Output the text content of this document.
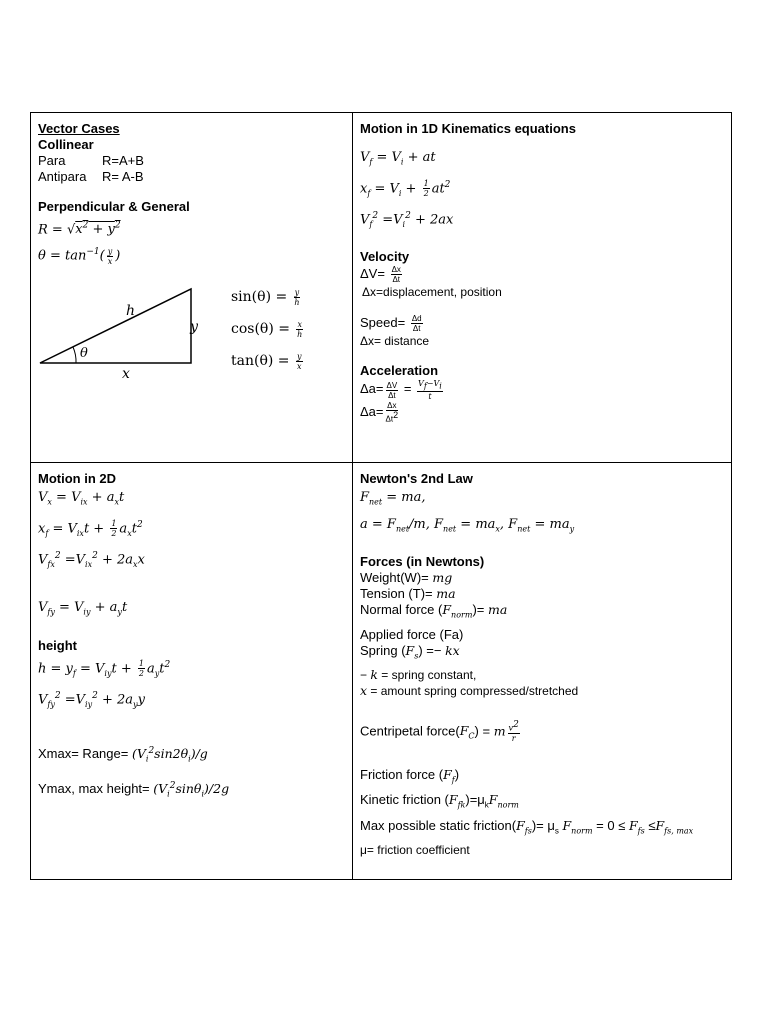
Vector Cases
Collinear
Para	R=A+B
Antipara R= A-B
Perpendicular & General
$R = √x^2 + y^2$
$\theta = \tan^{-1}( \frac{y}{x}$ )
h
y
x
θ
$\sin(\theta) = \frac{y}{h}$
$\cos(\theta) = \frac{x}{h}$
$\tan(\theta) = \frac{y}{x}$
Motion in 1D Kinematics equations
$V_f = V_i$ + at
$x_f = V_i + \frac{1}{2} at^2$
$V_f^2 =V_i^2 + 2ax$
Velocity
$\Delta V= \frac{\Delta x}{\Delta t}$
Δx=displacement, position
Speed= $\frac{\Delta d}{\Delta t}$
Δx= distance
Acceleration
$\Delta a= \frac{\Delta V}{\Delta t} = \frac{V_f-V_i}{t}$
$\Delta a= \frac{\Delta x}{\Delta t^2}$
Motion in 2D
$V_x = V_{ix} + a_xt$
$x_f = V_{ix}t + \frac{1}{2} a_xt^2$
$V_{fx}^2 =V_{ix}^2 + 2a_xx$
$V_{fy} = V_{iy} + a_yt$
height
$h = y_f = V_{iy}t + \frac{1}{2} a_yt^2$
$V_{fy}^2 =V_{iy}^2 + 2a_yy$
Xmax= Range= $(V_i^2\sin 2\theta_i)/g$
Ymax, max height= $(V_i^2\sin\theta_i)/2g$
Newton's 2nd Law
$F_{net}$ = ma,
$a = F_{net}/m$, $F_{net} = ma_x$, $F_{net} = ma_y$
Forces (in Newtons)
Weight(W)= mg
Tension (T)= ma
Normal force $(F_{norm})=$ ma
Applied force (Fa)
Spring $(F_s)$ =− kx
− k = spring constant,
x = amount spring compressed/stretched
Centripetal $force(F_C) = m \frac{v^2}{r}$
Friction force $(F_f)$
Kinetic friction $(F_{fk})=\mu_kF_{norm}$
Max possible static $friction(F_{fs})= \mu_s$ $F_{norm} = 0 \le F_{fs} \le F_{fs, max}$
μ= friction coefficient
